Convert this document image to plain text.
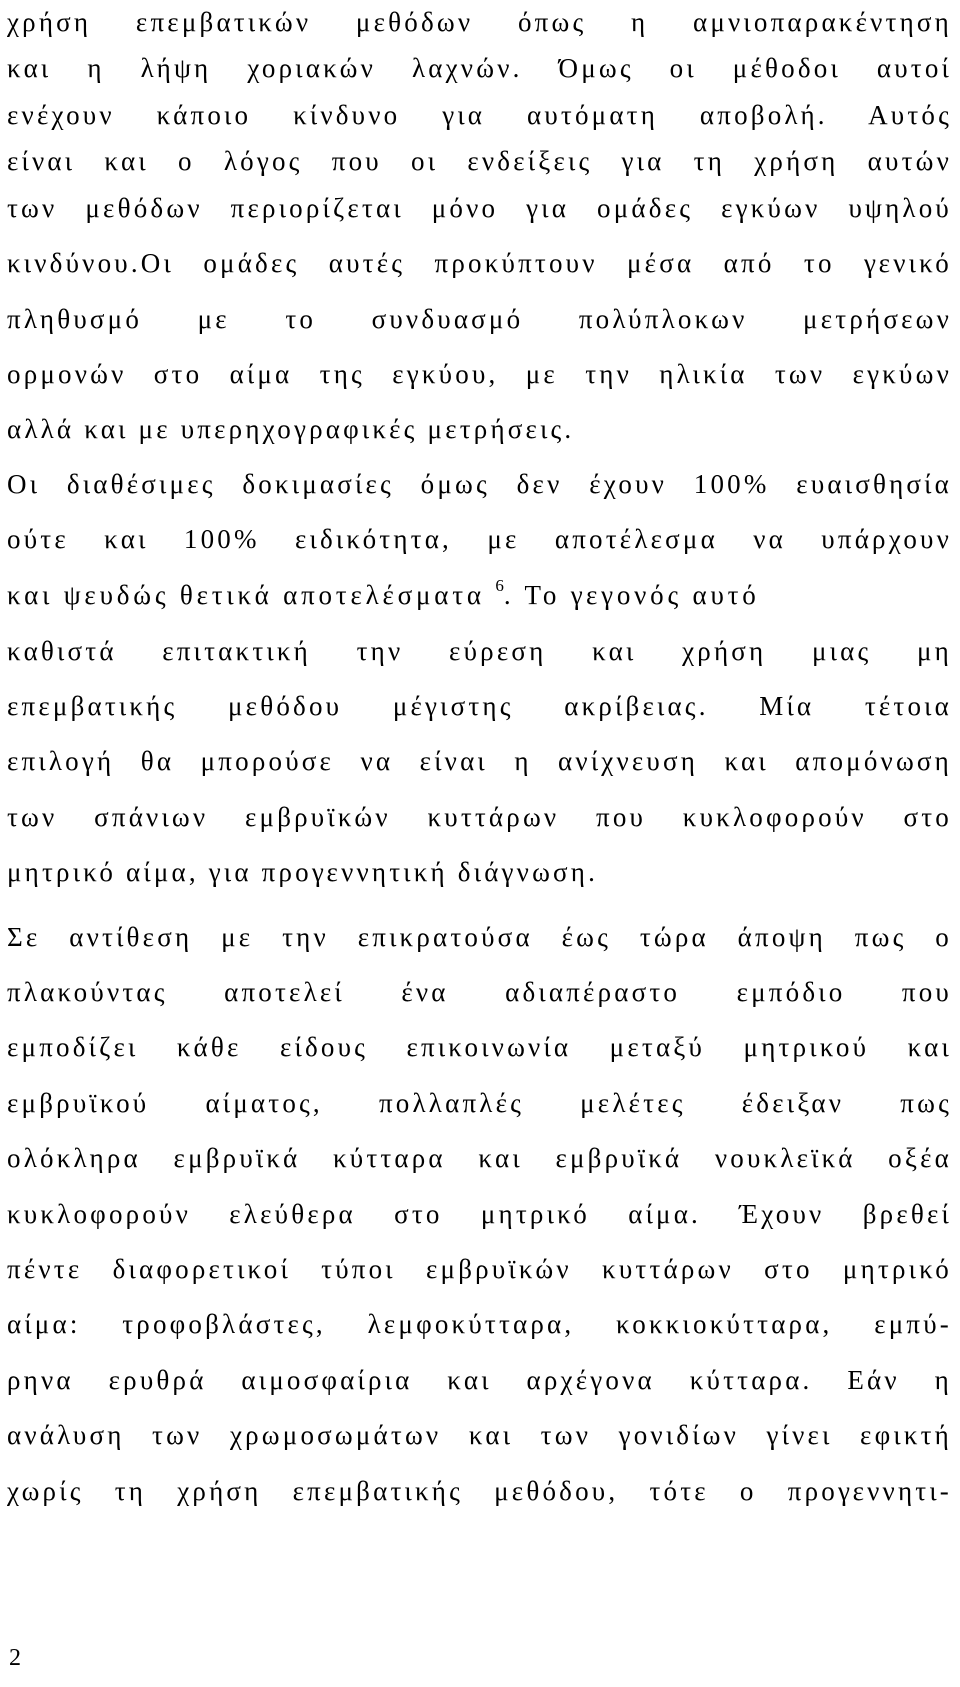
χρήση επεμβατικών μεθόδων όπως η αμνιοπαρακέντηση
και η λήψη χοριακών λαχνών. Όμως οι μέθοδοι αυτοί
ενέχουν κάποιο κίνδυνο για αυτόματη αποβολή. Αυτός
είναι και ο λόγος που οι ενδείξεις για τη χρήση αυτών
των μεθόδων περιορίζεται μόνο για ομάδες εγκύων υψηλού
κινδύνου.Οι ομάδες αυτές προκύπτουν μέσα από το γενικό
πληθυσμό με το συνδυασμό πολύπλοκων μετρήσεων
ορμονών στο αίμα της εγκύου, με την ηλικία των εγκύων
αλλά και με υπερηχογραφικές μετρήσεις.
Οι διαθέσιμες δοκιμασίες όμως δεν έχουν 100% ευαισθησία
ούτε και 100% ειδικότητα, με αποτέλεσμα να υπάρχουν
και ψευδώς θετικά αποτελέσματα $^6$. Το γεγονός αυτό
καθιστά επιτακτική την εύρεση και χρήση μιας μη
επεμβατικής μεθόδου μέγιστης ακρίβειας. Μία τέτοια
επιλογή θα μπορούσε να είναι η ανίχνευση και απομόνωση
των σπάνιων εμβρυϊκών κυττάρων που κυκλοφορούν στο
μητρικό αίμα, για προγεννητική διάγνωση.
Σε αντίθεση με την επικρατούσα έως τώρα άποψη πως ο
πλακούντας αποτελεί ένα αδιαπέραστο εμπόδιο που
εμποδίζει κάθε είδους επικοινωνία μεταξύ μητρικού και
εμβρυϊκού αίματος, πολλαπλές μελέτες έδειξαν πως
ολόκληρα εμβρυϊκά κύτταρα και εμβρυϊκά νουκλεϊκά οξέα
κυκλοφορούν ελεύθερα στο μητρικό αίμα. Έχουν βρεθεί
πέντε διαφορετικοί τύποι εμβρυϊκών κυττάρων στο μητρικό
αίμα: τροφοβλάστες, λεμφοκύτταρα, κοκκιοκύτταρα, εμπύ-
ρηνα ερυθρά αιμοσφαίρια και αρχέγονα κύτταρα. Εάν η
ανάλυση των χρωμοσωμάτων και των γονιδίων γίνει εφικτή
χωρίς τη χρήση επεμβατικής μεθόδου, τότε ο προγεννητι-
2
